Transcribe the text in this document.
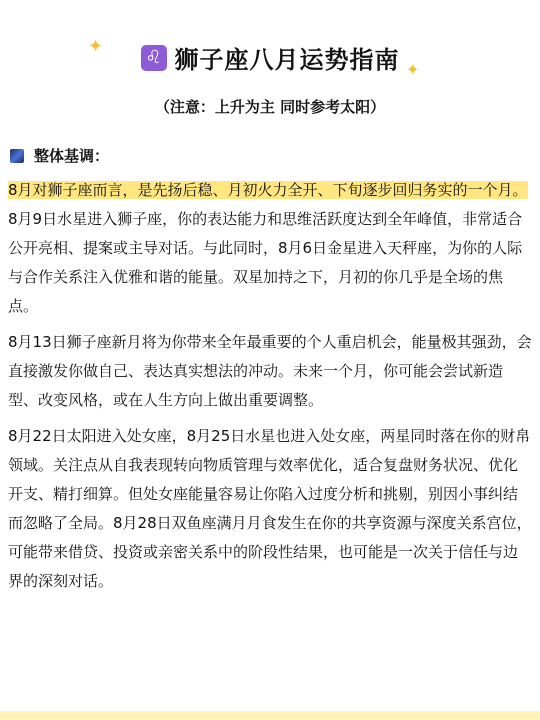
✦
✦
♌ 狮子座八月运势指南
（注意：上升为主 同时参考太阳）
整体基调：

8月对狮子座而言，是先扬后稳、月初火力全开、下旬逐步回归务实的一个月。8月9日水星进入狮子座，你的表达能力和思维活跃度达到全年峰值，非常适合公开亮相、提案或主导对话。与此同时，8月6日金星进入天秤座，为你的人际与合作关系注入优雅和谐的能量。双星加持之下，月初的你几乎是全场的焦点。

8月13日狮子座新月将为你带来全年最重要的个人重启机会，能量极其强劲，会直接激发你做自己、表达真实想法的冲动。未来一个月，你可能会尝试新造型、改变风格，或在人生方向上做出重要调整。

8月22日太阳进入处女座，8月25日水星也进入处女座，两星同时落在你的财帛领域。关注点从自我表现转向物质管理与效率优化，适合复盘财务状况、优化开支、精打细算。但处女座能量容易让你陷入过度分析和挑剔，别因小事纠结而忽略了全局。8月28日双鱼座满月月食发生在你的共享资源与深度关系宫位，可能带来借贷、投资或亲密关系中的阶段性结果，也可能是一次关于信任与边界的深刻对话。
